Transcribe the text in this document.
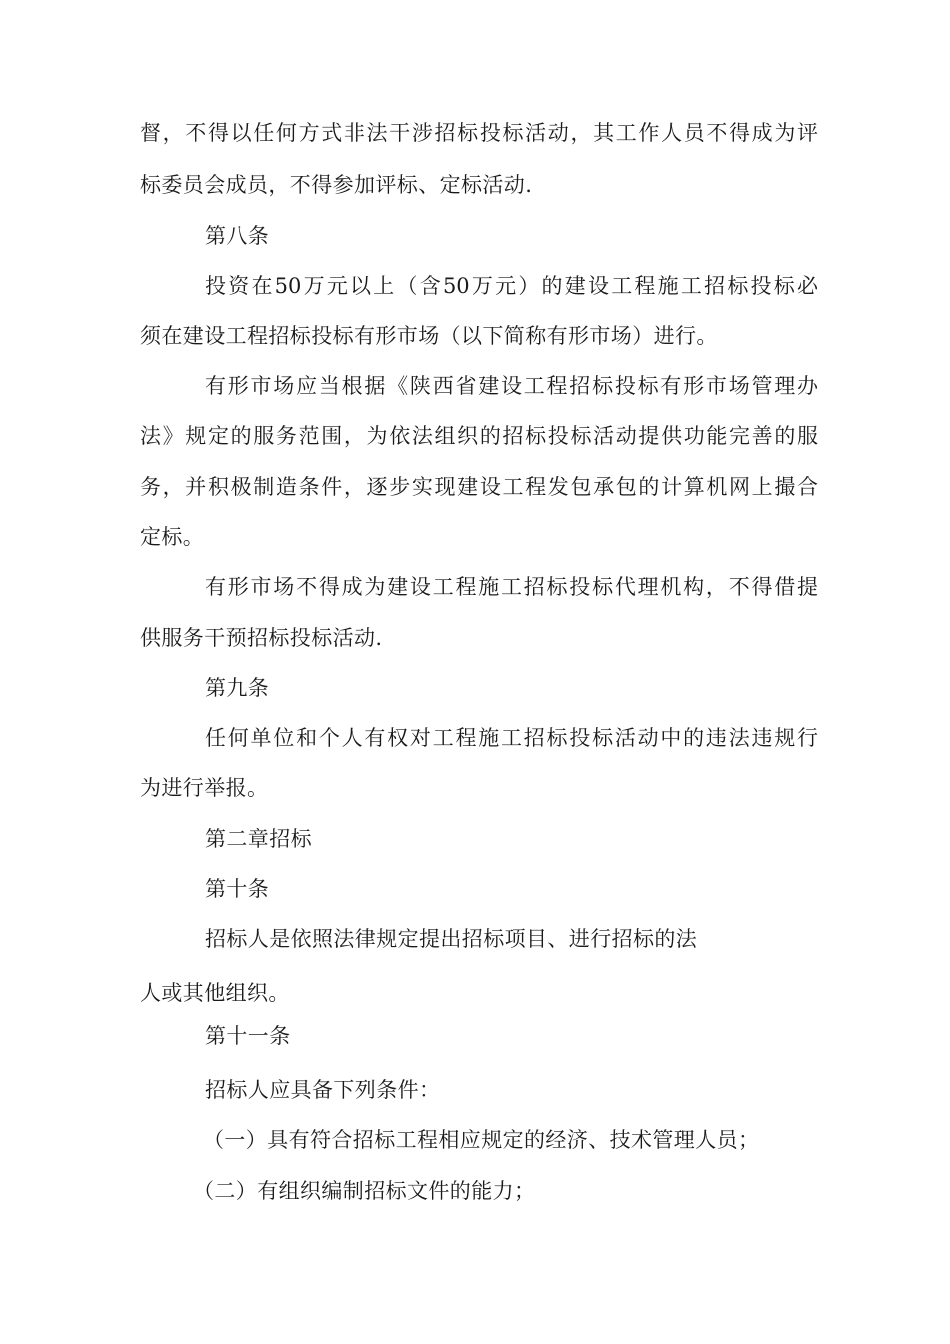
督，不得以任何方式非法干涉招标投标活动，其工作人员不得成为评
标委员会成员，不得参加评标、定标活动.
第八条
投资在50万元以上（含50万元）的建设工程施工招标投标必
须在建设工程招标投标有形市场（以下简称有形市场）进行。
有形市场应当根据《陕西省建设工程招标投标有形市场管理办
法》规定的服务范围，为依法组织的招标投标活动提供功能完善的服
务，并积极制造条件，逐步实现建设工程发包承包的计算机网上撮合
定标。
有形市场不得成为建设工程施工招标投标代理机构，不得借提
供服务干预招标投标活动.
第九条
任何单位和个人有权对工程施工招标投标活动中的违法违规行
为进行举报。
第二章招标
第十条
招标人是依照法律规定提出招标项目、进行招标的法
人或其他组织。
第十一条
招标人应具备下列条件：
（一）具有符合招标工程相应规定的经济、技术管理人员；
（二）有组织编制招标文件的能力；
